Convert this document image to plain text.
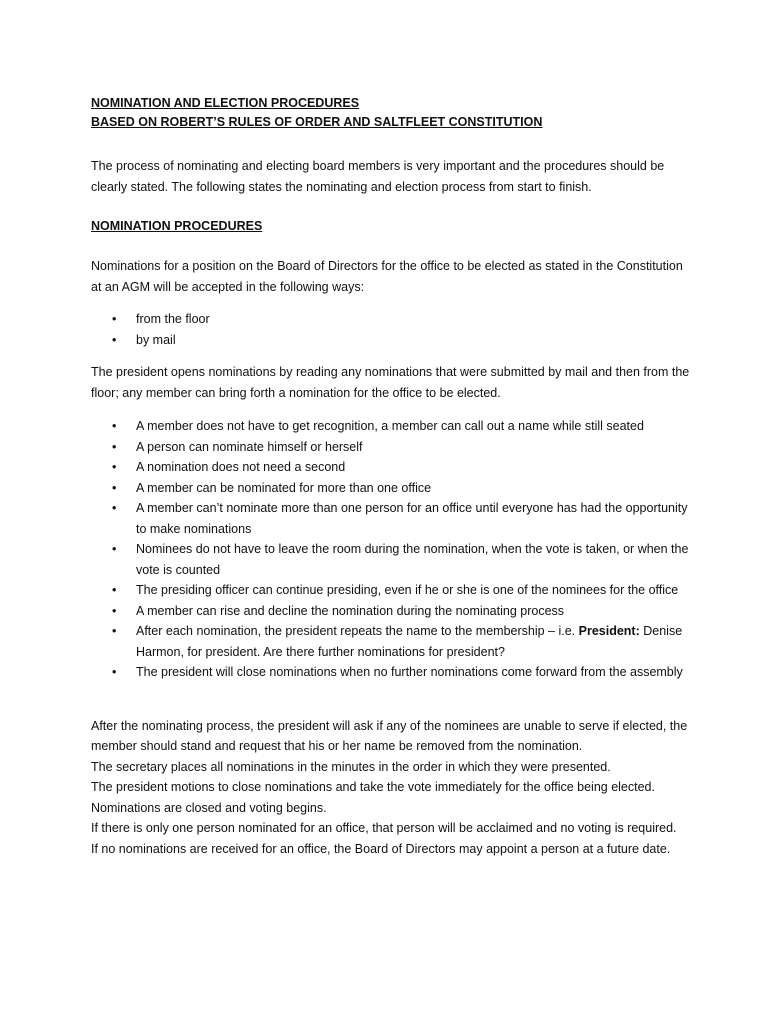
NOMINATION AND ELECTION PROCEDURES

BASED ON ROBERT’S RULES OF ORDER AND SALTFLEET CONSTITUTION

The process of nominating and electing board members is very important and the procedures should be clearly stated. The following states the nominating and election process from start to finish.

NOMINATION PROCEDURES

Nominations for a position on the Board of Directors for the office to be elected as stated in the Constitution at an AGM will be accepted in the following ways:

• from the floor
• by mail

The president opens nominations by reading any nominations that were submitted by mail and then from the floor; any member can bring forth a nomination for the office to be elected.

• A member does not have to get recognition, a member can call out a name while still seated
• A person can nominate himself or herself
• A nomination does not need a second
• A member can be nominated for more than one office
• A member can’t nominate more than one person for an office until everyone has had the opportunity to make nominations
• Nominees do not have to leave the room during the nomination, when the vote is taken, or when the vote is counted
• The presiding officer can continue presiding, even if he or she is one of the nominees for the office
• A member can rise and decline the nomination during the nominating process
• After each nomination, the president repeats the name to the membership – i.e. President: Denise Harmon, for president. Are there further nominations for president?
• The president will close nominations when no further nominations come forward from the assembly

After the nominating process, the president will ask if any of the nominees are unable to serve if elected, the member should stand and request that his or her name be removed from the nomination.

The secretary places all nominations in the minutes in the order in which they were presented.

The president motions to close nominations and take the vote immediately for the office being elected.

Nominations are closed and voting begins.

If there is only one person nominated for an office, that person will be acclaimed and no voting is required.

If no nominations are received for an office, the Board of Directors may appoint a person at a future date.
